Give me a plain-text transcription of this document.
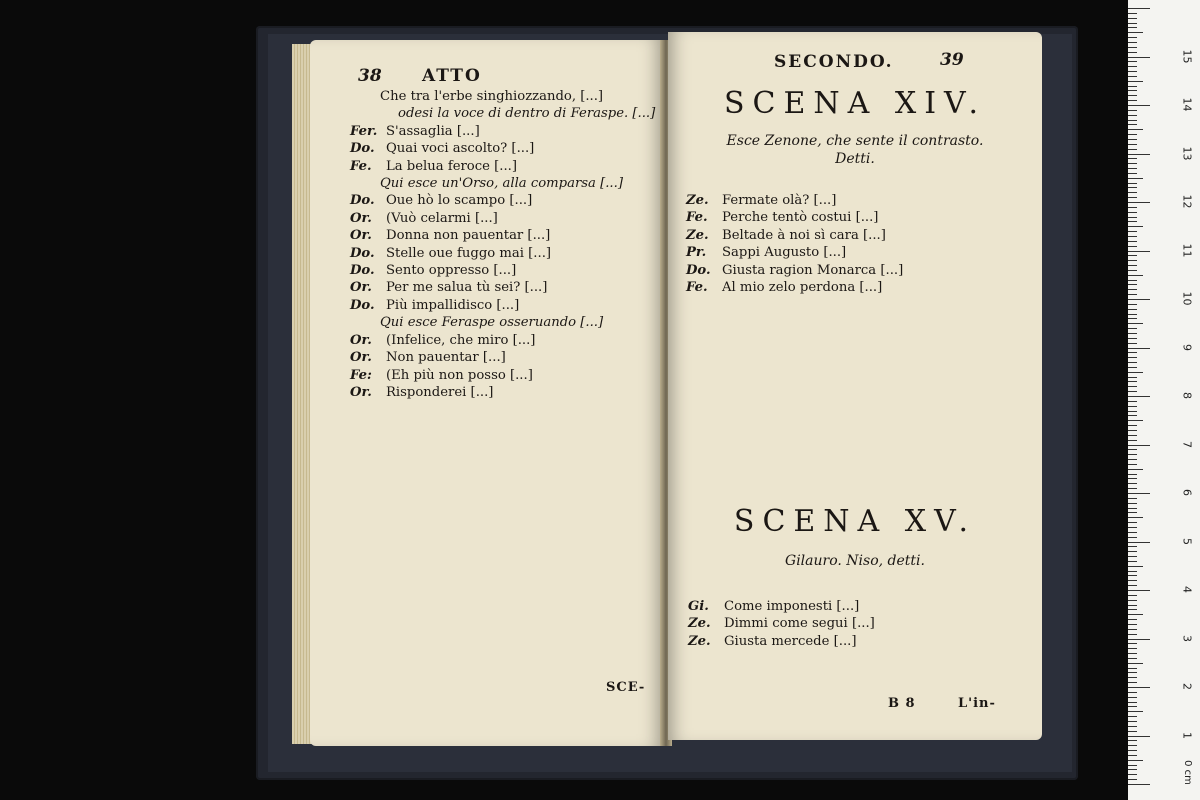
38 ATTO
Che tra l'erbe singhiozzando, [...]
odesi la voce di dentro di Feraspe. [...]
Fer. S'assaglia [...]
Do. Quai voci ascolto? [...]
Fe. La belua feroce [...]
Qui esce un'Orso, alla comparsa [...]
Do. Oue hò lo scampo [...]
Or. (Vuò celarmi [...]
Or. Donna non pauentar [...]
Do. Stelle oue fuggo mai [...]
Do. Sento oppresso [...]
Or. Per me salua tù sei? [...]
Do. Più impallidisco [...]
Qui esce Feraspe osseruando [...]
Or. (Infelice, che miro [...]
Or. Non pauentar [...]
Fe: (Eh più non posso [...]
Or. Risponderei [...]
SCE-
SECONDO.	39
SCENA XIV.
Esce Zenone, che sente il contrasto.
Detti.
Ze. Fermate olà? [...]
Fe. Perche tentò costui [...]
Ze. Beltade à noi sì cara [...]
Pr. Sappi Augusto [...]
Do. Giusta ragion Monarca [...]
Fe. Al mio zelo perdona [...]
SCENA XV.
Gilauro. Niso, detti.
Gi. Come imponesti [...]
Ze. Dimmi come segui [...]
Ze. Giusta mercede [...]
B 8	L'in-
0 cm
1
2
3
4
5
6
7
8
9
10
11
12
13
14
15
